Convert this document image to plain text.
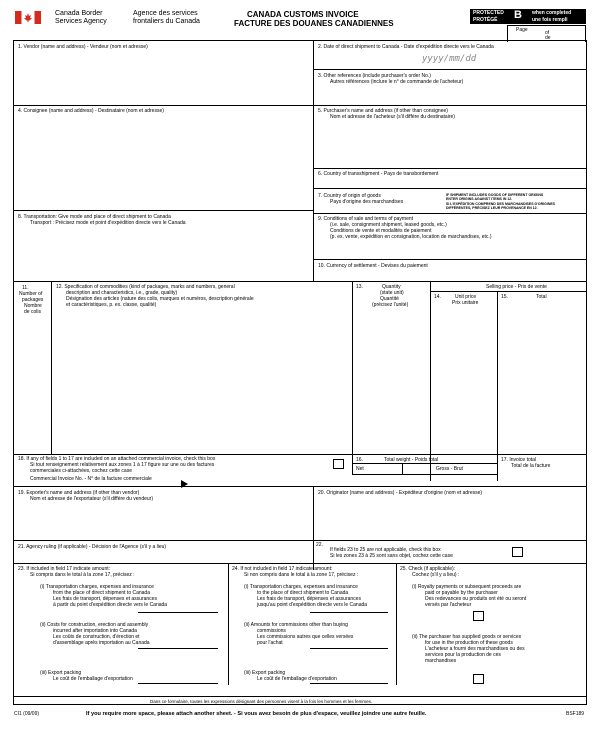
Canada Border
Services Agency
Agence des services
frontaliers du Canada
CANADA CUSTOMS INVOICE
FACTURE DES DOUANES CANADIENNES
PROTECTED
PROTÉGÉ B when completed
une fois rempli
Page	of
de
1. Vendor (name and address) - Vendeur (nom et adresse)	2. Date of direct shipment to Canada - Date d'expédition directe vers le Canada
yyyy/mm/dd
3. Other references (include purchaser's order No.)
Autres références (inclure le n° de commande de l'acheteur)
4. Consignee (name and address) - Destinataire (nom et adresse)	5. Purchaser's name and address (if other than consignee)
Nom et adresse de l'acheteur (s'il diffère du destinataire)
6. Country of transshipment - Pays de transbordement
7. Country of origin of goods
Pays d'origine des marchandises
IF SHIPMENT INCLUDES GOODS OF DIFFERENT ORIGINS
ENTER ORIGINS AGAINST ITEMS IN 12.
SI L'EXPÉDITION COMPREND DES MARCHANDISES D'ORIGINES
DIFFÉRENTES, PRÉCISEZ LEUR PROVENANCE EN 12.
8. Transportation: Give mode and place of direct shipment to Canada
Transport : Précisez mode et point d'expédition directe vers le Canada
9. Conditions of sale and terms of payment
(i.e. sale, consignment shipment, leased goods, etc.)
Conditions de vente et modalités de paiement
(p. ex. vente, expédition en consignation, location de marchandises, etc.)
10. Currency of settlement - Devises du paiement
11.
Number of
packages
Nombre
de colis
12. Specification of commodities (kind of packages, marks and numbers, general
description and characteristics, i.e., grade, quality)
Désignation des articles (nature des colis, marques et numéros, description générale
et caractéristiques, p. ex. classe, qualité)
13.	Quantity
(state unit)
Quantité
(précisez l'unité)
Selling price - Prix de vente
14.	Unit price
Prix unitaire
15.	Total
18. If any of fields 1 to 17 are included on an attached commercial invoice, check this box
Si tout renseignement relativement aux zones 1 à 17 figure sur une ou des factures
commerciales ci-attachées, cochez cette case
Commercial Invoice No. - N° de la facture commerciale
16.	Total weight - Poids total
Net	Gross - Brut
17. Invoice total
Total de la facture
19. Exporter's name and address (if other than vendor)
Nom et adresse de l'exportateur (s'il diffère du vendeur)
20. Originator (name and address) - Expéditeur d'origine (nom et adresse)
21. Agency ruling (if applicable) - Décision de l'Agence (s'il y a lieu)	22.
If fields 23 to 25 are not applicable, check this box
Si les zones 23 à 25 sont sans objet, cochez cette case
23. If included in field 17 indicate amount:
Si compris dans le total à la zone 17, précisez :
(i) Transportation charges, expenses and insurance
from the place of direct shipment to Canada
Les frais de transport, dépenses et assurances
à partir du point d'expédition directe vers le Canada
(ii) Costs for construction, erection and assembly
incurred after importation into Canada
Les coûts de construction, d'érection et
d'assemblage après importation au Canada
(iii) Export packing
Le coût de l'emballage d'exportation
24. If not included in field 17 indicate amount:
Si non compris dans le total à la zone 17, précisez :
(i) Transportation charges, expenses and insurance
to the place of direct shipment to Canada
Les frais de transport, dépenses et assurances
jusqu'au point d'expédition directe vers le Canada
(ii) Amounts for commissions other than buying
commissions
Les commissions autres que celles versées
pour l'achat
(iii) Export packing
Le coût de l'emballage d'exportation
25. Check (if applicable):
Cochez (s'il y a lieu) :
(i) Royalty payments or subsequent proceeds are
paid or payable by the purchaser
Des redevances ou produits ont été ou seront
versés par l'acheteur
(ii) The purchaser has supplied goods or services
for use in the production of these goods
L'acheteur a fourni des marchandises ou des
services pour la production de ces
marchandises
Dans ce formulaire, toutes les expressions désignant des personnes visent à la fois les hommes et les femmes.
CI1 (09/09)	If you require more space, please attach another sheet. - Si vous avez besoin de plus d'espace, veuillez joindre une autre feuille.	BSF189
